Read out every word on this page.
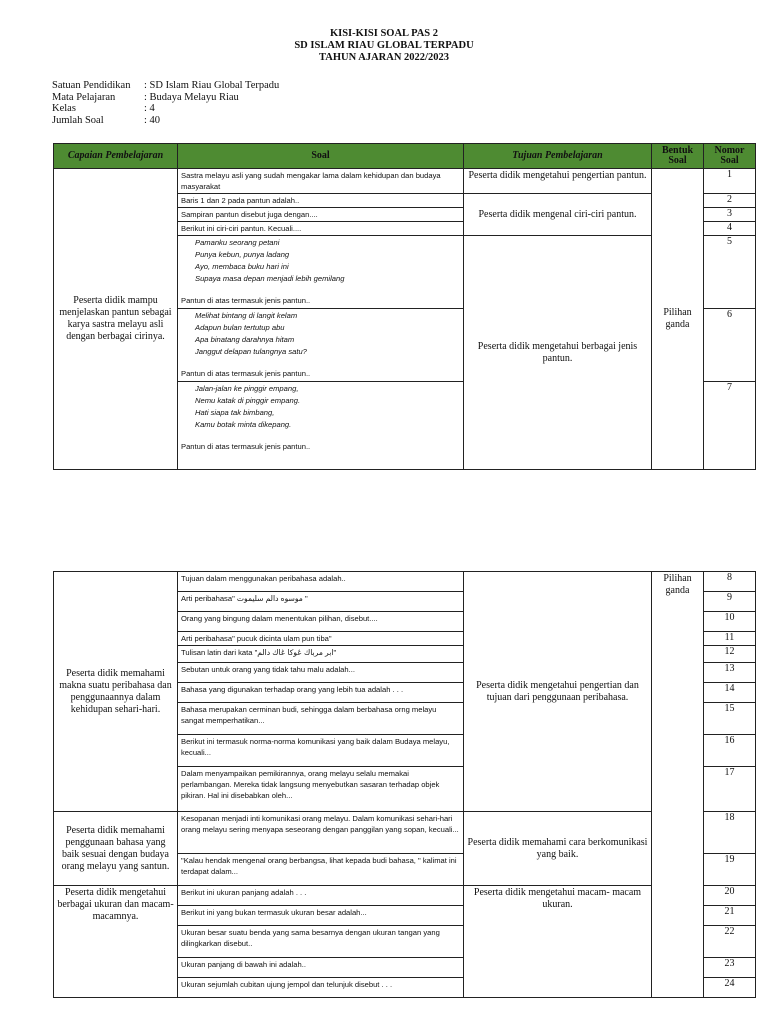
KISI-KISI SOAL PAS 2
SD ISLAM RIAU GLOBAL TERPADU
TAHUN AJARAN 2022/2023
Satuan Pendidikan	: SD Islam Riau Global Terpadu
Mata Pelajaran	: Budaya Melayu Riau
Kelas	: 4
Jumlah Soal	: 40
Capaian Pembelajaran	Soal	Tujuan Pembelajaran	Bentuk Soal	Nomor Soal
Peserta didik mampu menjelaskan pantun sebagai karya sastra melayu asli dengan berbagai cirinya.	Sastra melayu asli yang sudah mengakar lama dalam kehidupan dan budaya masyarakat	Peserta didik mengetahui pengertian pantun.	Pilihan ganda	1
	Baris 1 dan 2 pada pantun adalah..	Peserta didik mengenal ciri-ciri pantun.		2
	Sampiran pantun disebut juga dengan....			3
	Berikut ini ciri-ciri pantun. Kecuali....			4

	Pamanku seorang petani
Punya kebun, punya ladang
Ayo, membaca buku hari ini
Supaya masa depan menjadi lebih gemilang
Pantun di atas termasuk jenis pantun..	Peserta didik mengetahui berbagai jenis pantun.		5

	Melihat bintang di langit kelam
Adapun bulan tertutup abu
Apa binatang darahnya hitam
Janggut delapan tulangnya satu?
Pantun di atas termasuk jenis pantun..			6

	Jalan-jalan ke pinggir empang,
Nemu katak di pinggir empang.
Hati siapa tak bimbang,
Kamu botak minta dikepang.
Pantun di atas termasuk jenis pantun..			7
Peserta didik memahami makna suatu peribahasa dan penggunaannya dalam kehidupan sehari-hari.	Tujuan dalam menggunakan peribahasa adalah..	Peserta didik mengetahui pengertian dan tujuan dari penggunaan peribahasa.	Pilihan ganda	8
	Arti peribahasa" موسوه دالم سليموت "			9
	Orang yang bingung dalam menentukan pilihan, disebut....			10
	Arti peribahasa" pucuk dicinta ulam pun tiba"			11
	Tulisan latin dari kata "ابر مرباك ڠوكا ڠاك دالم"			12
	Sebutan untuk orang yang tidak tahu malu adalah...			13
	Bahasa yang digunakan terhadap orang yang lebih tua adalah . . .			14
	Bahasa merupakan cerminan budi, sehingga dalam berbahasa orng melayu sangat memperhatikan...			15
	Berikut ini termasuk norma-norma komunikasi yang baik dalam Budaya melayu, kecuali...			16
	Dalam menyampaikan pemikirannya, orang melayu selalu memakai perlambangan. Mereka tidak langsung menyebutkan sasaran terhadap objek pikiran. Hal ini disebabkan oleh...			17
Peserta didik memahami penggunaan bahasa yang baik sesuai dengan budaya orang melayu yang santun.	Kesopanan menjadi inti komunikasi orang melayu. Dalam komunikasi sehari-hari orang melayu sering menyapa seseorang dengan panggilan yang sopan, kecuali...	Peserta didik memahami cara berkomunikasi yang baik.		18
	"Kalau hendak mengenal orang berbangsa, lihat kepada budi bahasa, " kalimat ini terdapat dalam...			19
Peserta didik mengetahui berbagai ukuran dan macam-macamnya.	Berikut ini ukuran panjang adalah . . .	Peserta didik mengetahui macam- macam ukuran.		20
	Berikut ini yang bukan termasuk ukuran besar adalah...			21
	Ukuran besar suatu benda yang sama besarnya dengan ukuran tangan yang dilingkarkan disebut..			22
	Ukuran panjang di bawah ini adalah..			23
	Ukuran sejumlah cubitan ujung jempol dan telunjuk disebut . . .			24
